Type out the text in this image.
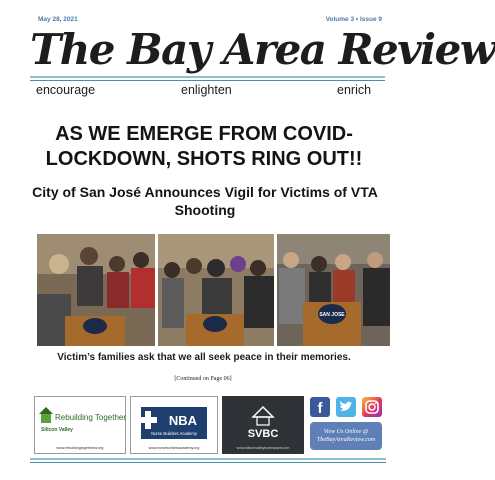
May 28, 2021	Volume 3 • Issue 9
The Bay Area Review
encourage	enlighten	enrich
AS WE EMERGE FROM COVID-LOCKDOWN, SHOTS RING OUT!!
City of San José Announces Vigil for Victims of VTA Shooting
SAN JOSE
Victim’s families ask that we all seek peace in their memories.
[Continued on Page 06]
Rebuilding Together
Silicon Valley
www.rebuildingtogethersv.org
NBA
Nurse Builders Academy
www.nursebuildersacademy.org
SVBC
www.siliconvalleyworkspace.com
f
View Us Online @
TheBayAreaReview.com
